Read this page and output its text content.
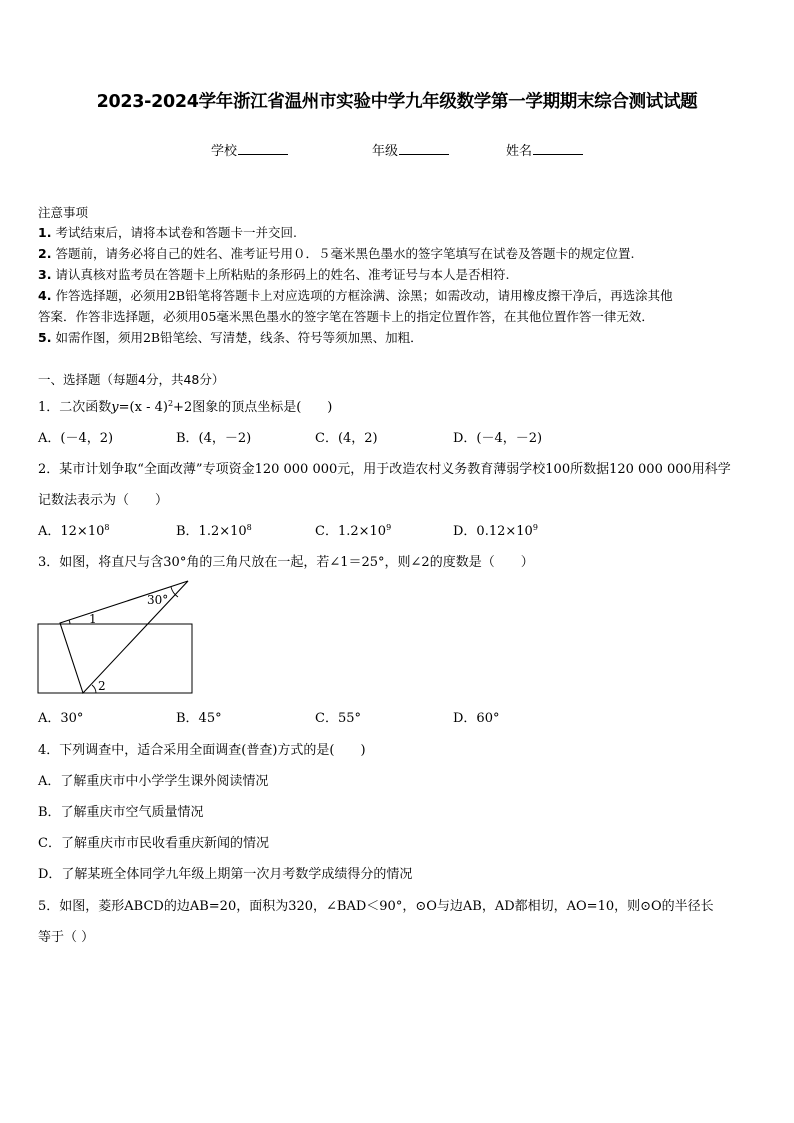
2023-2024学年浙江省温州市实验中学九年级数学第一学期期末综合测试试题
学校	年级	姓名
注意事项
1. 考试结束后，请将本试卷和答题卡一并交回.
2. 答题前，请务必将自己的姓名、准考证号用０．５毫米黑色墨水的签字笔填写在试卷及答题卡的规定位置.
3. 请认真核对监考员在答题卡上所粘贴的条形码上的姓名、准考证号与本人是否相符.
4. 作答选择题，必须用2B铅笔将答题卡上对应选项的方框涂满、涂黑；如需改动，请用橡皮擦干净后，再选涂其他
答案．作答非选择题，必须用05毫米黑色墨水的签字笔在答题卡上的指定位置作答，在其他位置作答一律无效．
5. 如需作图，须用2B铅笔绘、写清楚，线条、符号等须加黑、加粗．
一、选择题（每题4分，共48分）
1．二次函数y=(x - 4)$^2$+2图象的顶点坐标是(　　)
A．(－4，2)	B．(4，－2)	C．(4，2)	D．(－4，－2)
2．某市计划争取“全面改薄”专项资金120 000 000元，用于改造农村义务教育薄弱学校100所数据120 000 000用科学
记数法表示为（　　）
A．$12\times 10^8$	B．$1.2\times 10^8$	C．$1.2\times 10^9$	D．$0.12\times 10^9$
3．如图，将直尺与含30°角的三角尺放在一起，若∠1＝25°，则∠2的度数是（　　）
30°
1
2
A．30°	B．45°	C．55°	D．60°
4．下列调查中，适合采用全面调查(普查)方式的是(　　)
A．了解重庆市中小学学生课外阅读情况
B．了解重庆市空气质量情况
C．了解重庆市市民收看重庆新闻的情况
D．了解某班全体同学九年级上期第一次月考数学成绩得分的情况
5．如图，菱形ABCD的边AB=20，面积为320，∠BAD＜90°，⊙O与边AB，AD都相切，AO=10，则⊙O的半径长
等于（ ）
